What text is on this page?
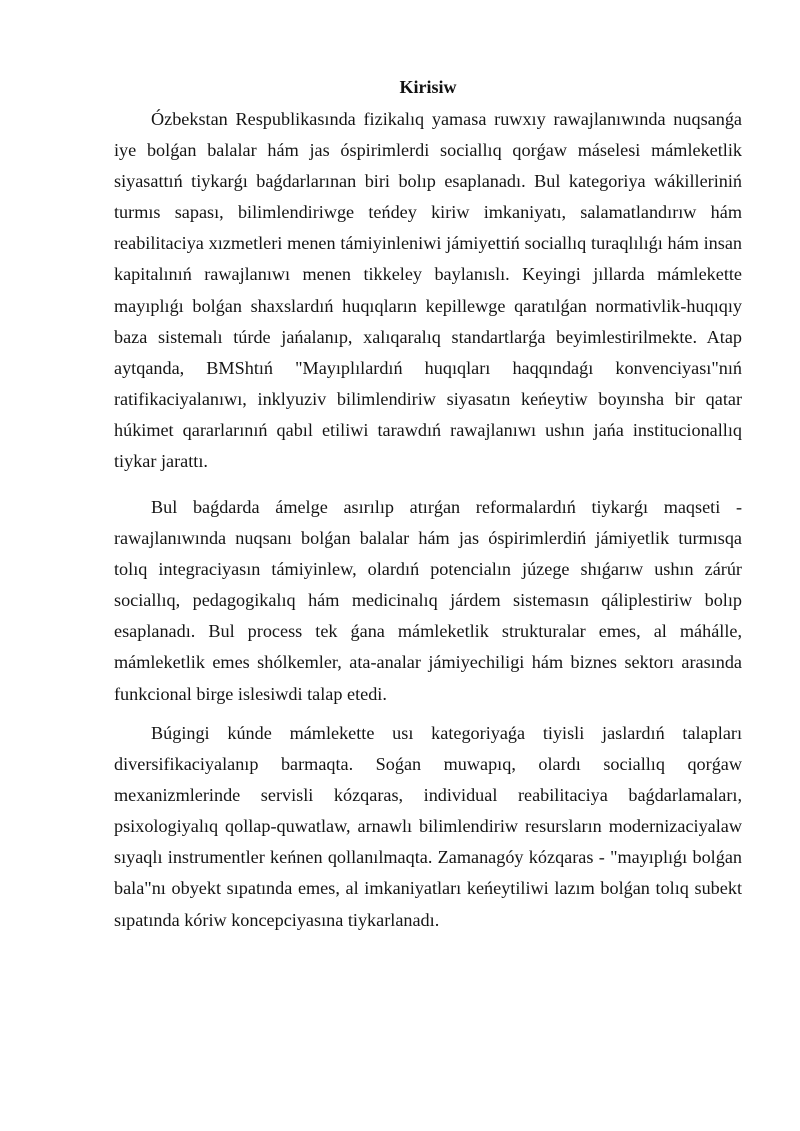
Kirisiw

Ózbekstan Respublikasında fizikalıq yamasa ruwxıy rawajlanıwında nuqsanǵa iye bolǵan balalar hám jas óspirimlerdi sociallıq qorǵaw máselesi mámleketlik siyasattıń tiykarǵı baǵdarlarınan biri bolıp esaplanadı. Bul kategoriya wákilleriniń turmıs sapası, bilimlendiriwge teńdey kiriw imkaniyatı, salamatlandırıw hám reabilitaciya xızmetleri menen támiyinleniwi jámiyettiń sociallıq turaqlılıǵı hám insan kapitalınıń rawajlanıwı menen tikkeley baylanıslı. Keyingi jıllarda mámlekette mayıplıǵı bolǵan shaxslardıń huqıqların kepillewge qaratılǵan normativlik-huqıqıy baza sistemalı túrde jańalanıp, xalıqaralıq standartlarǵa beyimlestirilmekte. Atap aytqanda, BMShtıń "Mayıplılardıń huqıqları haqqındaǵı konvenciyası"nıń ratifikaciyalanıwı, inklyuziv bilimlendiriw siyasatın keńeytiw boyınsha bir qatar húkimet qararlarınıń qabıl etiliwi tarawdıń rawajlanıwı ushın jańa institucionallıq tiykar jarattı.

Bul baǵdarda ámelge asırılıp atırǵan reformalardıń tiykarǵı maqseti - rawajlanıwında nuqsanı bolǵan balalar hám jas óspirimlerdiń jámiyetlik turmısqa tolıq integraciyasın támiyinlew, olardıń potencialın júzege shıǵarıw ushın zárúr sociallıq, pedagogikalıq hám medicinalıq járdem sistemasın qáliplestiriw bolıp esaplanadı. Bul process tek ǵana mámleketlik strukturalar emes, al máhálle, mámleketlik emes shólkemler, ata-analar jámiyechiligi hám biznes sektorı arasında funkcional birge islesiwdi talap etedi.

Búgingi kúnde mámlekette usı kategoriyaǵa tiyisli jaslardıń talapları diversifikaciyalanıp barmaqta. Soǵan muwapıq, olardı sociallıq qorǵaw mexanizmlerinde servisli kózqaras, individual reabilitaciya baǵdarlamaları, psixologiyalıq qollap-quwatlaw, arnawlı bilimlendiriw resursların modernizaciyalaw sıyaqlı instrumentler keńnen qollanılmaqta. Zamanagóy kózqaras - "mayıplıǵı bolǵan bala"nı obyekt sıpatında emes, al imkaniyatları keńeytiliwi lazım bolǵan tolıq subekt sıpatında kóriw koncepciyasına tiykarlanadı.
